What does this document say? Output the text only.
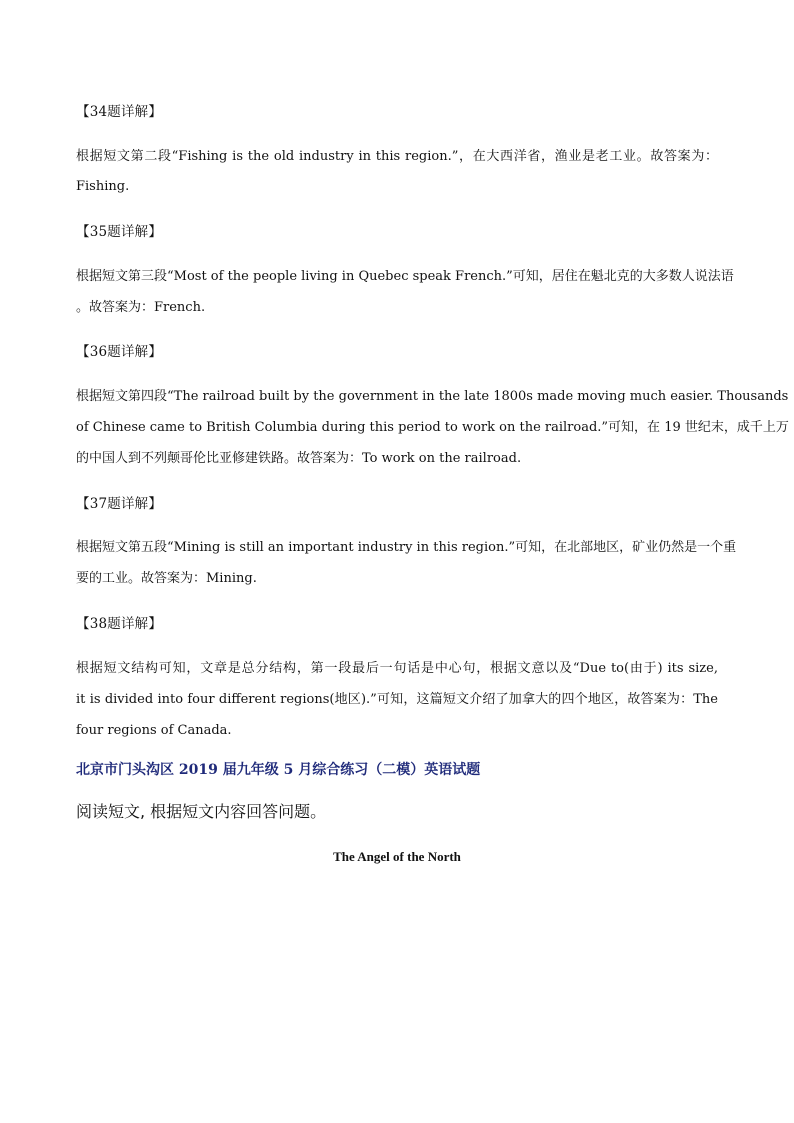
【34题详解】
根据短文第二段“Fishing is the old industry in this region.”，在大西洋省，渔业是老工业。故答案为：
Fishing.
【35题详解】
根据短文第三段“Most of the people living in Quebec speak French.”可知，居住在魁北克的大多数人说法语
。故答案为：French.
【36题详解】
根据短文第四段“The railroad built by the government in the late 1800s made moving much easier. Thousands
of Chinese came to British Columbia during this period to work on the railroad.”可知，在 19 世纪末，成千上万
的中国人到不列颠哥伦比亚修建铁路。故答案为：To work on the railroad.
【37题详解】
根据短文第五段“Mining is still an important industry in this region.”可知，在北部地区，矿业仍然是一个重
要的工业。故答案为：Mining.
【38题详解】
根据短文结构可知，文章是总分结构，第一段最后一句话是中心句，根据文意以及“Due to(由于) its size,
it is divided into four different regions(地区).”可知，这篇短文介绍了加拿大的四个地区，故答案为：The
four regions of Canada.
北京市门头沟区 2019 届九年级 5 月综合练习（二模）英语试题
阅读短文, 根据短文内容回答问题。
The Angel of the North
